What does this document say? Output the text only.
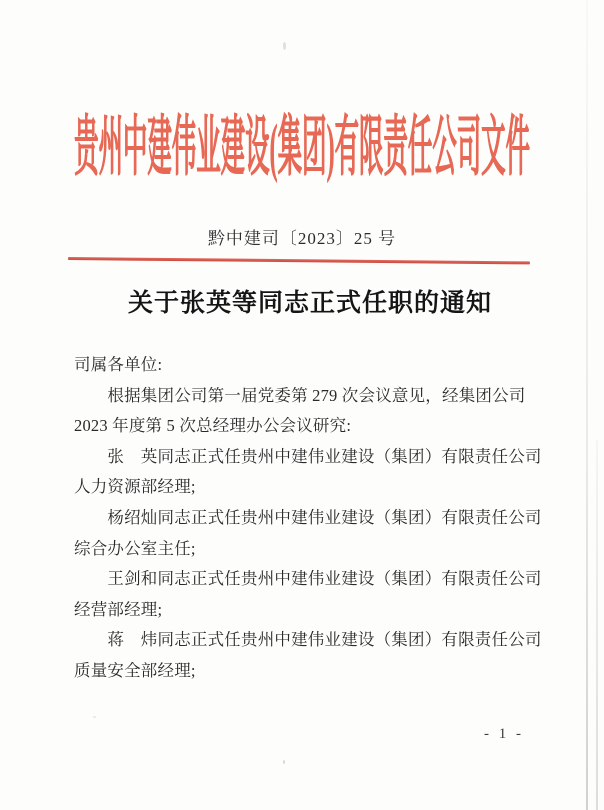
贵州中建伟业建设(集团)有限责任公司文件
黔中建司〔2023〕25 号
关于张英等同志正式任职的通知
司属各单位:
　　根据集团公司第一届党委第 279 次会议意见，经集团公司
2023 年度第 5 次总经理办公会议研究:
　　张　英同志正式任贵州中建伟业建设（集团）有限责任公司
人力资源部经理;
　　杨绍灿同志正式任贵州中建伟业建设（集团）有限责任公司
综合办公室主任;
　　王剑和同志正式任贵州中建伟业建设（集团）有限责任公司
经营部经理;
　　蒋　炜同志正式任贵州中建伟业建设（集团）有限责任公司
质量安全部经理;
- 1 -
